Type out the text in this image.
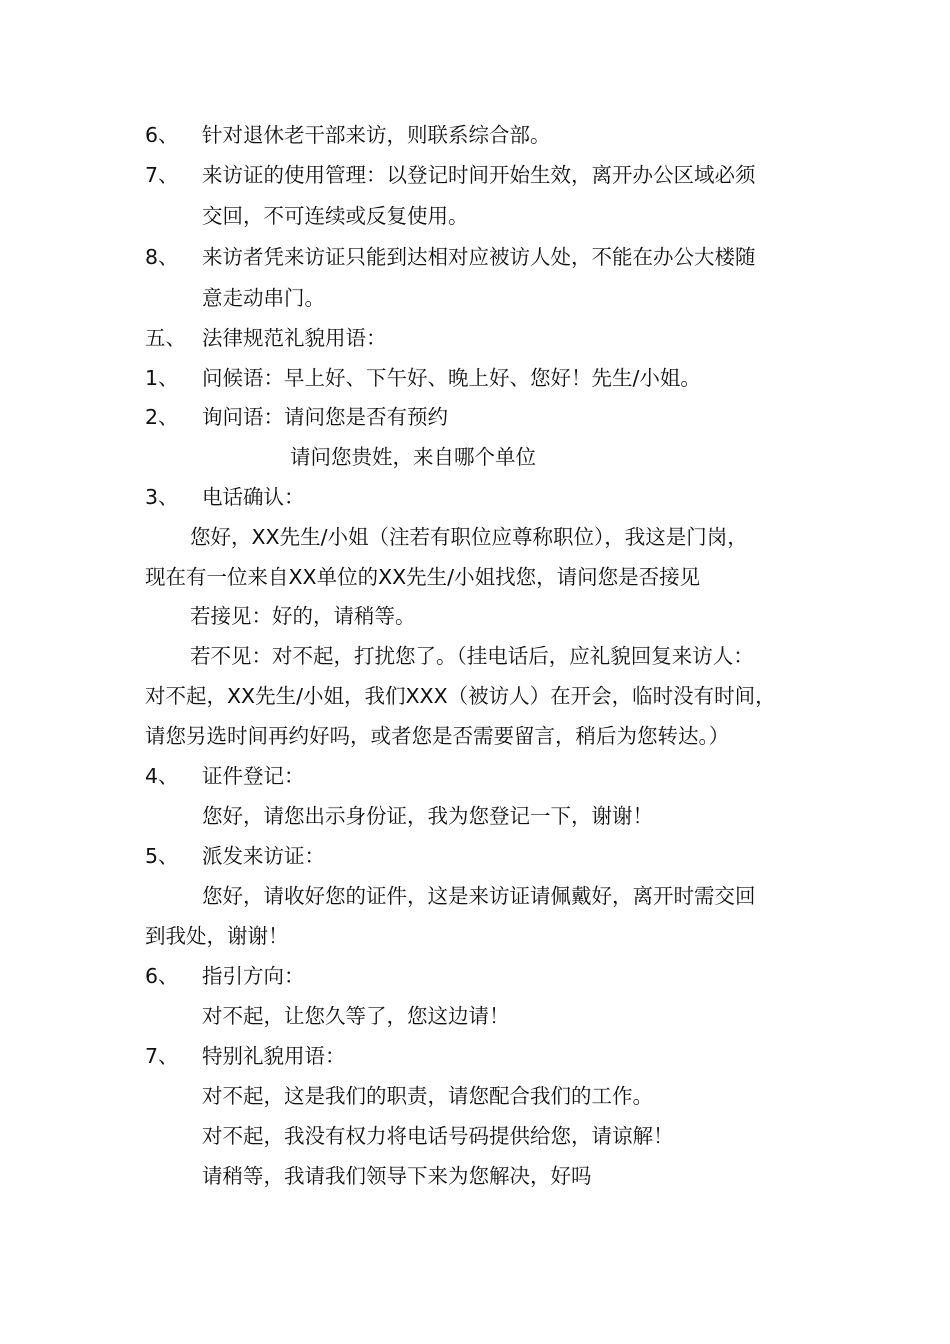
6、 针对退休老干部来访，则联系综合部。

7、 来访证的使用管理：以登记时间开始生效，离开办公区域必须

交回，不可连续或反复使用。

8、 来访者凭来访证只能到达相对应被访人处，不能在办公大楼随

意走动串门。

五、 法律规范礼貌用语：

1、 问候语：早上好、下午好、晚上好、您好！先生/小姐。

2、 询问语：请问您是否有预约

请问您贵姓，来自哪个单位

3、 电话确认：

您好，XX先生/小姐（注若有职位应尊称职位），我这是门岗，

现在有一位来自XX单位的XX先生/小姐找您，请问您是否接见

若接见：好的，请稍等。

若不见：对不起，打扰您了。（挂电话后，应礼貌回复来访人：

对不起，XX先生/小姐，我们XXX（被访人）在开会，临时没有时间，

请您另选时间再约好吗，或者您是否需要留言，稍后为您转达。）

4、 证件登记：

您好，请您出示身份证，我为您登记一下，谢谢！

5、 派发来访证：

您好，请收好您的证件，这是来访证请佩戴好，离开时需交回

到我处，谢谢！

6、 指引方向：

对不起，让您久等了，您这边请！

7、 特别礼貌用语：

对不起，这是我们的职责，请您配合我们的工作。

对不起，我没有权力将电话号码提供给您，请谅解！

请稍等，我请我们领导下来为您解决，好吗
